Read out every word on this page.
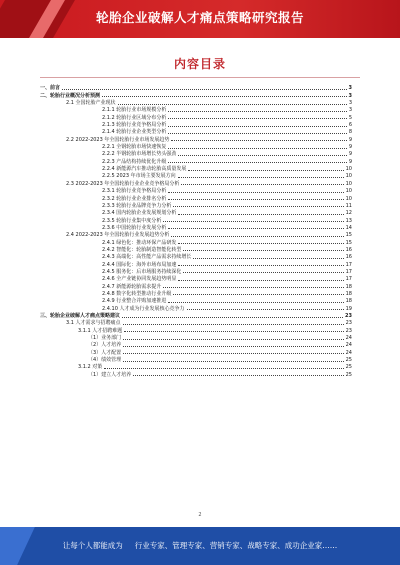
轮胎企业破解人才痛点策略研究报告
内容目录
一、前言	3
二、轮胎行业概况分析预测	3
2.1 全国轮胎产业现状	3
2.1.1 轮胎行业市场规模分析	3
2.1.2 轮胎行业区域分布分析	5
2.1.3 轮胎行业竞争格局分析	6
2.1.4 轮胎行业企业类型分析	8
2.2 2022-2023 年全国轮胎行业市场发展趋势	9
2.2.1 全钢轮胎市场快速恢复	9
2.2.2 半钢轮胎市场增长势头强劲	9
2.2.3 产品结构持续优化升级	9
2.2.4 新能源汽车推动轮胎高质量发展	10
2.2.5 2023 年市场主要发展方向	10
2.3 2022-2023 年全国轮胎行业企业竞争格局分析	10
2.3.1 轮胎行业竞争格局分析	10
2.3.2 轮胎行业企业排名分析	10
2.3.3 轮胎行业品牌竞争力分析	11
2.3.4 国内轮胎企业发展规划分析	12
2.3.5 轮胎行业集中度分析	13
2.3.6 中国轮胎行业发展分析	14
2.4 2022-2023 年全国轮胎行业发展趋势分析	15
2.4.1 绿色化：推动环保产品研发	15
2.4.2 智能化：轮胎制造智能化转型	16
2.4.3 高端化：高性能产品需求持续增长	16
2.4.4 国际化：海外市场布局加速	17
2.4.5 服务化：后市场服务持续深化	17
2.4.6 全产业链协同发展趋势明显	17
2.4.7 新能源轮胎需求提升	18
2.4.8 数字化转型推动行业升级	18
2.4.9 行业整合并购加速推进	18
2.4.10 人才成为行业发展核心竞争力	19
三、轮胎企业破解人才痛点策略建议	23
3.1 人才需求与招聘痛点	23
3.1.1 人才招聘难题	23
（1）业务部门	24
（2）人才培养	24
（3）人才配置	24
（4）绩效管理	25
3.1.2 对策	25
（1）建立人才培养	25
2
让每个人都能成为 行业专家、管理专家、营销专家、战略专家、成功企业家……
